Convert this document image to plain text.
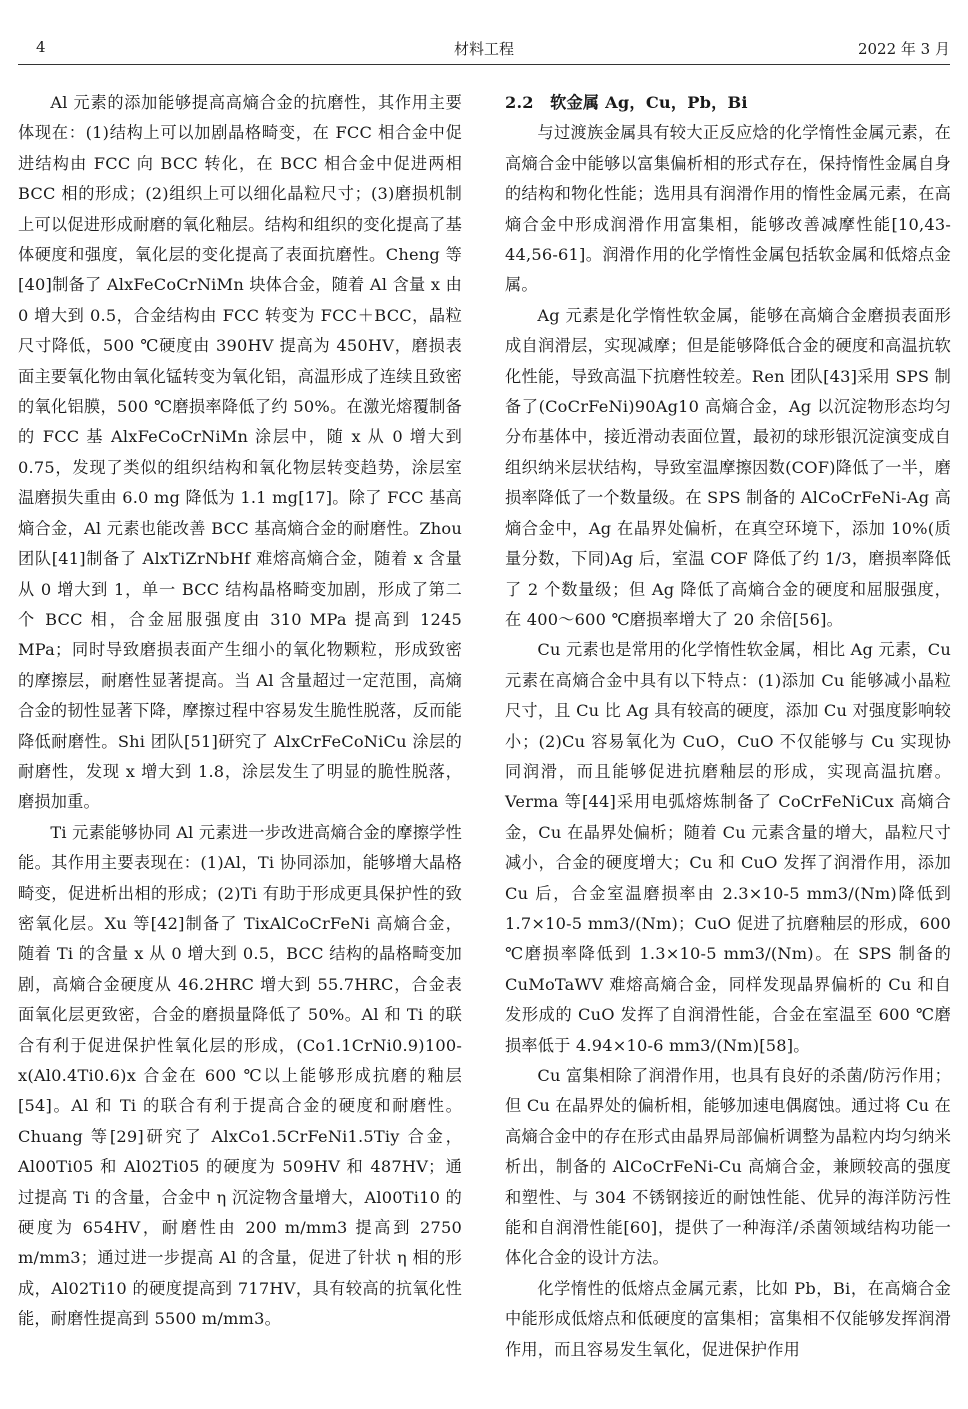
4	材料工程	2022 年 3 月

Al 元素的添加能够提高高熵合金的抗磨性，其作用主要体现在：(1)结构上可以加剧晶格畸变，在 FCC 相合金中促进结构由 FCC 向 BCC 转化，在 BCC 相合金中促进两相 BCC 相的形成；(2)组织上可以细化晶粒尺寸；(3)磨损机制上可以促进形成耐磨的氧化釉层。结构和组织的变化提高了基体硬度和强度，氧化层的变化提高了表面抗磨性。Cheng 等[40]制备了 AlxFeCoCrNiMn 块体合金，随着 Al 含量 x 由 0 增大到 0.5，合金结构由 FCC 转变为 FCC＋BCC，晶粒尺寸降低，500 ℃硬度由 390HV 提高为 450HV，磨损表面主要氧化物由氧化锰转变为氧化铝，高温形成了连续且致密的氧化铝膜，500 ℃磨损率降低了约 50%。在激光熔覆制备的 FCC 基 AlxFeCoCrNiMn 涂层中，随 x 从 0 增大到 0.75，发现了类似的组织结构和氧化物层转变趋势，涂层室温磨损失重由 6.0 mg 降低为 1.1 mg[17]。除了 FCC 基高熵合金，Al 元素也能改善 BCC 基高熵合金的耐磨性。Zhou 团队[41]制备了 AlxTiZrNbHf 难熔高熵合金，随着 x 含量从 0 增大到 1，单一 BCC 结构晶格畸变加剧，形成了第二个 BCC 相，合金屈服强度由 310 MPa 提高到 1245 MPa；同时导致磨损表面产生细小的氧化物颗粒，形成致密的摩擦层，耐磨性显著提高。当 Al 含量超过一定范围，高熵合金的韧性显著下降，摩擦过程中容易发生脆性脱落，反而能降低耐磨性。Shi 团队[51]研究了 AlxCrFeCoNiCu 涂层的耐磨性，发现 x 增大到 1.8，涂层发生了明显的脆性脱落，磨损加重。

Ti 元素能够协同 Al 元素进一步改进高熵合金的摩擦学性能。其作用主要表现在：(1)Al，Ti 协同添加，能够增大晶格畸变，促进析出相的形成；(2)Ti 有助于形成更具保护性的致密氧化层。Xu 等[42]制备了 TixAlCoCrFeNi 高熵合金，随着 Ti 的含量 x 从 0 增大到 0.5，BCC 结构的晶格畸变加剧，高熵合金硬度从 46.2HRC 增大到 55.7HRC，合金表面氧化层更致密，合金的磨损量降低了 50%。Al 和 Ti 的联合有利于促进保护性氧化层的形成，(Co1.1CrNi0.9)100-x(Al0.4Ti0.6)x 合金在 600 ℃以上能够形成抗磨的釉层[54]。Al 和 Ti 的联合有利于提高合金的硬度和耐磨性。Chuang 等[29]研究了 AlxCo1.5CrFeNi1.5Tiy 合金，Al00Ti05 和 Al02Ti05 的硬度为 509HV 和 487HV；通过提高 Ti 的含量，合金中 η 沉淀物含量增大，Al00Ti10 的硬度为 654HV，耐磨性由 200 m/mm3 提高到 2750 m/mm3；通过进一步提高 Al 的含量，促进了针状 η 相的形成，Al02Ti10 的硬度提高到 717HV，具有较高的抗氧化性能，耐磨性提高到 5500 m/mm3。

2.2　软金属 Ag，Cu，Pb，Bi

与过渡族金属具有较大正反应焓的化学惰性金属元素，在高熵合金中能够以富集偏析相的形式存在，保持惰性金属自身的结构和物化性能；选用具有润滑作用的惰性金属元素，在高熵合金中形成润滑作用富集相，能够改善减摩性能[10,43-44,56-61]。润滑作用的化学惰性金属包括软金属和低熔点金属。

Ag 元素是化学惰性软金属，能够在高熵合金磨损表面形成自润滑层，实现减摩；但是能够降低合金的硬度和高温抗软化性能，导致高温下抗磨性较差。Ren 团队[43]采用 SPS 制备了(CoCrFeNi)90Ag10 高熵合金，Ag 以沉淀物形态均匀分布基体中，接近滑动表面位置，最初的球形银沉淀演变成自组织纳米层状结构，导致室温摩擦因数(COF)降低了一半，磨损率降低了一个数量级。在 SPS 制备的 AlCoCrFeNi-Ag 高熵合金中，Ag 在晶界处偏析，在真空环境下，添加 10%(质量分数，下同)Ag 后，室温 COF 降低了约 1/3，磨损率降低了 2 个数量级；但 Ag 降低了高熵合金的硬度和屈服强度，在 400～600 ℃磨损率增大了 20 余倍[56]。

Cu 元素也是常用的化学惰性软金属，相比 Ag 元素，Cu 元素在高熵合金中具有以下特点：(1)添加 Cu 能够减小晶粒尺寸，且 Cu 比 Ag 具有较高的硬度，添加 Cu 对强度影响较小；(2)Cu 容易氧化为 CuO，CuO 不仅能够与 Cu 实现协同润滑，而且能够促进抗磨釉层的形成，实现高温抗磨。Verma 等[44]采用电弧熔炼制备了 CoCrFeNiCux 高熵合金，Cu 在晶界处偏析；随着 Cu 元素含量的增大，晶粒尺寸减小，合金的硬度增大；Cu 和 CuO 发挥了润滑作用，添加 Cu 后，合金室温磨损率由 2.3×10-5 mm3/(Nm)降低到 1.7×10-5 mm3/(Nm)；CuO 促进了抗磨釉层的形成，600 ℃磨损率降低到 1.3×10-5 mm3/(Nm)。在 SPS 制备的 CuMoTaWV 难熔高熵合金，同样发现晶界偏析的 Cu 和自发形成的 CuO 发挥了自润滑性能，合金在室温至 600 ℃磨损率低于 4.94×10-6 mm3/(Nm)[58]。

Cu 富集相除了润滑作用，也具有良好的杀菌/防污作用；但 Cu 在晶界处的偏析相，能够加速电偶腐蚀。通过将 Cu 在高熵合金中的存在形式由晶界局部偏析调整为晶粒内均匀纳米析出，制备的 AlCoCrFeNi-Cu 高熵合金，兼顾较高的强度和塑性、与 304 不锈钢接近的耐蚀性能、优异的海洋防污性能和自润滑性能[60]，提供了一种海洋/杀菌领域结构功能一体化合金的设计方法。

化学惰性的低熔点金属元素，比如 Pb，Bi，在高熵合金中能形成低熔点和低硬度的富集相；富集相不仅能够发挥润滑作用，而且容易发生氧化，促进保护作用
